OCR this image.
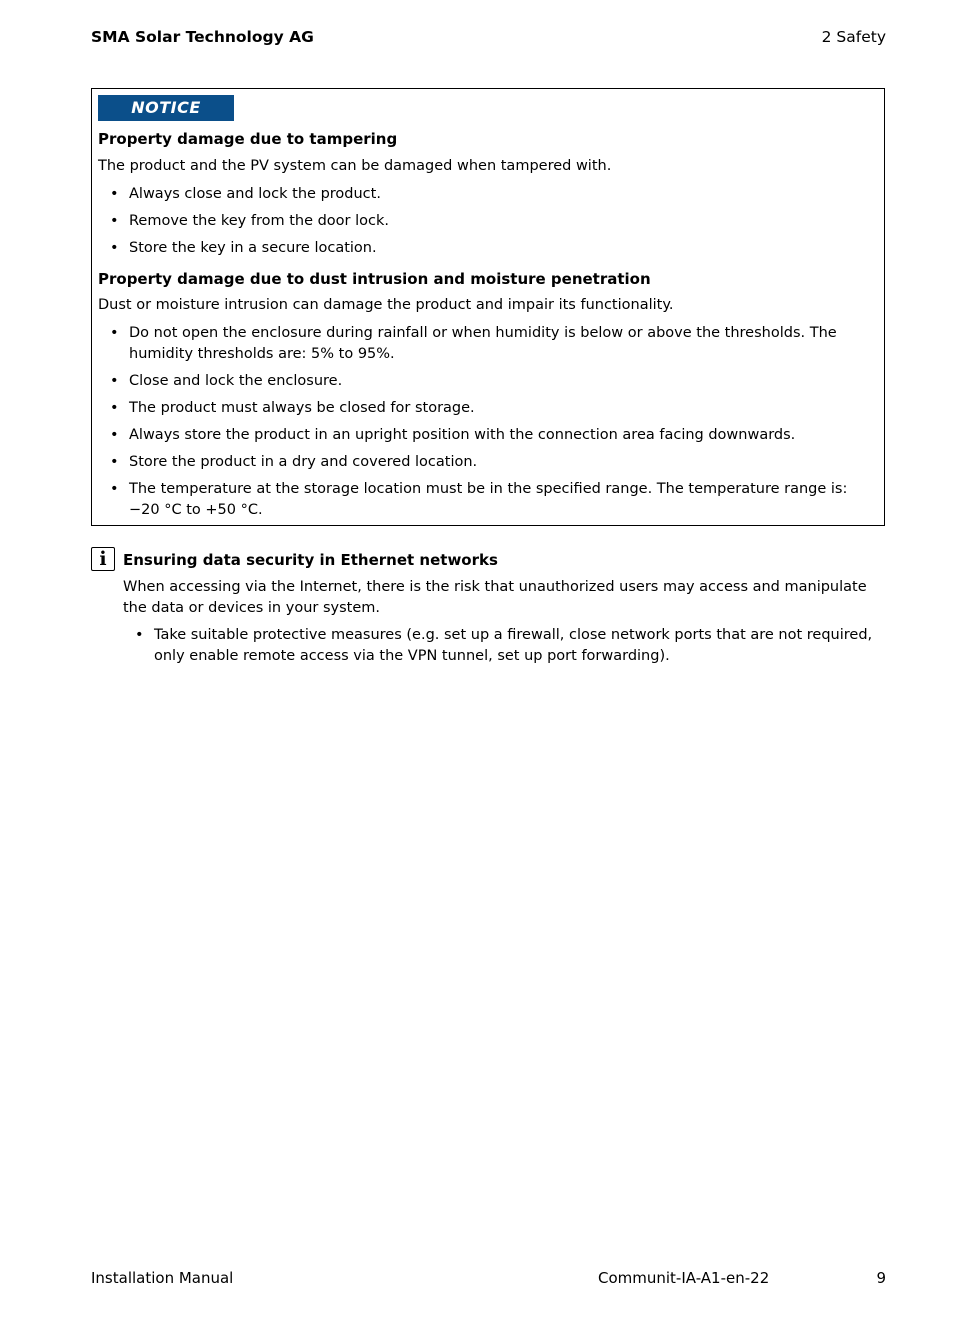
SMA Solar Technology AG	2 Safety
NOTICE
Property damage due to tampering
The product and the PV system can be damaged when tampered with.
• Always close and lock the product.
• Remove the key from the door lock.
• Store the key in a secure location.
Property damage due to dust intrusion and moisture penetration
Dust or moisture intrusion can damage the product and impair its functionality.
• Do not open the enclosure during rainfall or when humidity is below or above the thresholds. The humidity thresholds are: 5% to 95%.
• Close and lock the enclosure.
• The product must always be closed for storage.
• Always store the product in an upright position with the connection area facing downwards.
• Store the product in a dry and covered location.
• The temperature at the storage location must be in the specified range. The temperature range is: −20 °C to +50 °C.
i	Ensuring data security in Ethernet networks
When accessing via the Internet, there is the risk that unauthorized users may access and manipulate the data or devices in your system.
• Take suitable protective measures (e.g. set up a firewall, close network ports that are not required, only enable remote access via the VPN tunnel, set up port forwarding).
Installation Manual	Communit-IA-A1-en-22	9
